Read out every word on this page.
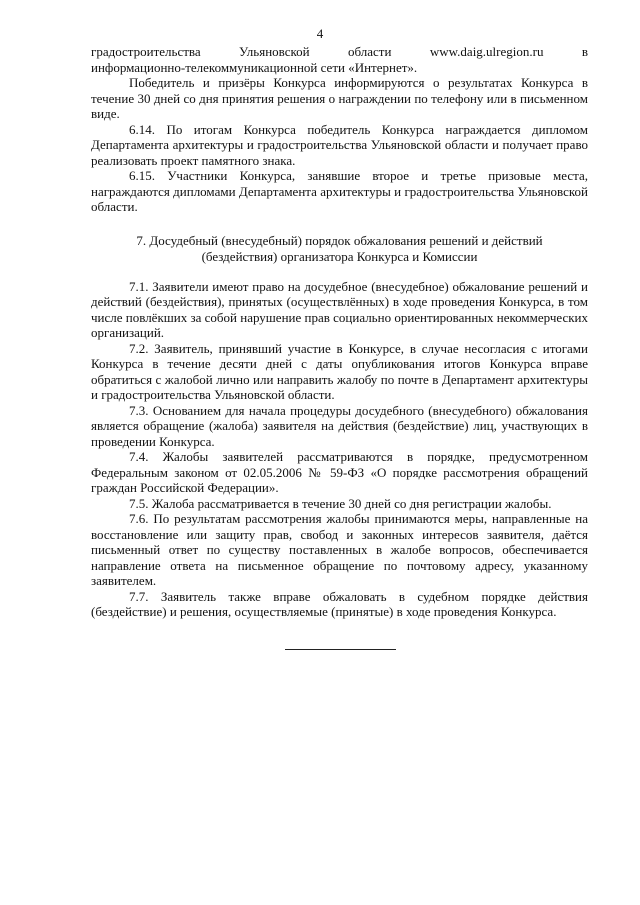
4

градостроительства Ульяновской области www.daig.ulregion.ru в

информационно-телекоммуникационной сети «Интернет».

Победитель и призёры Конкурса информируются о результатах Конкурса в течение 30 дней со дня принятия решения о награждении по телефону или в письменном виде.

6.14. По итогам Конкурса победитель Конкурса награждается дипломом Департамента архитектуры и градостроительства Ульяновской области и получает право реализовать проект памятного знака.

6.15. Участники Конкурса, занявшие второе и третье призовые места, награждаются дипломами Департамента архитектуры и градостроительства Ульяновской области.

7. Досудебный (внесудебный) порядок обжалования решений и действий
(бездействия) организатора Конкурса и Комиссии

7.1. Заявители имеют право на досудебное (внесудебное) обжалование решений и действий (бездействия), принятых (осуществлённых) в ходе проведения Конкурса, в том числе повлёкших за собой нарушение прав социально ориентированных некоммерческих организаций.

7.2. Заявитель, принявший участие в Конкурсе, в случае несогласия с итогами Конкурса в течение десяти дней с даты опубликования итогов Конкурса вправе обратиться с жалобой лично или направить жалобу по почте в Департамент архитектуры и градостроительства Ульяновской области.

7.3. Основанием для начала процедуры досудебного (внесудебного) обжалования является обращение (жалоба) заявителя на действия (бездействие) лиц, участвующих в проведении Конкурса.

7.4. Жалобы заявителей рассматриваются в порядке, предусмотренном Федеральным законом от 02.05.2006 № 59-ФЗ «О порядке рассмотрения обращений граждан Российской Федерации».

7.5. Жалоба рассматривается в течение 30 дней со дня регистрации жалобы.

7.6. По результатам рассмотрения жалобы принимаются меры, направленные на восстановление или защиту прав, свобод и законных интересов заявителя, даётся письменный ответ по существу поставленных в жалобе вопросов, обеспечивается направление ответа на письменное обращение по почтовому адресу, указанному заявителем.

7.7. Заявитель также вправе обжаловать в судебном порядке действия (бездействие) и решения, осуществляемые (принятые) в ходе проведения Конкурса.
